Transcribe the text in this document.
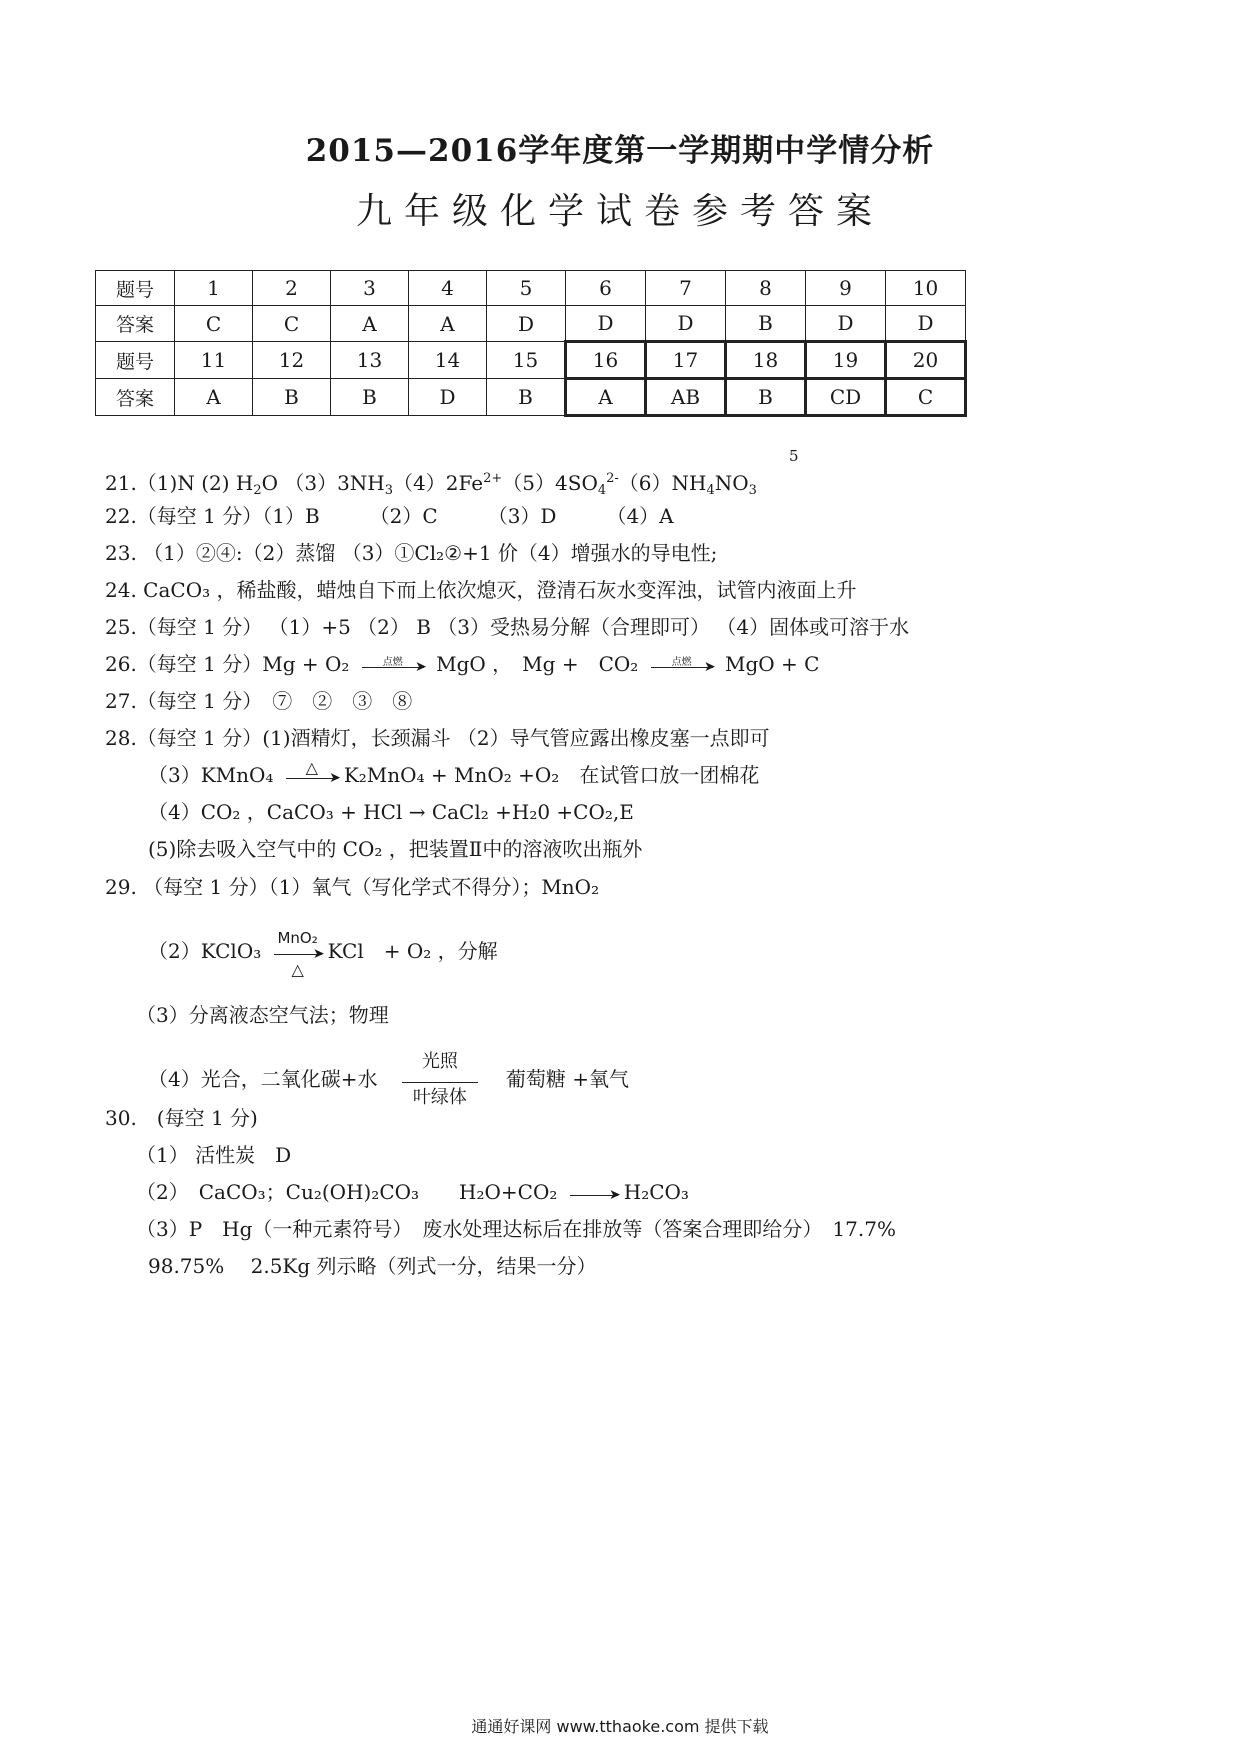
2015—2016学年度第一学期期中学情分析
九年级化学试卷参考答案
题号	1	2	3	4	5	6	7	8	9	10
答案	C	C	A	A	D	D	D	B	D	D
题号	11	12	13	14	15	16	17	18	19	20
答案	A	B	B	D	B	A	AB	B	CD	C
21.（1)N (2) $H_2O$ $(3)3NH_3(4)2Fe^{2+}(5)4SO_4^{2-}(6)NH_4NO_3$
5
22.（每空 1 分）（1）B　　　（2）C　　　（3）D　　　（4）A
23. （1）②④:（2）蒸馏 （3）①Cl₂②+1 价（4）增强水的导电性;
24. CaCO₃ ，稀盐酸，蜡烛自下而上依次熄灭，澄清石灰水变浑浊，试管内液面上升
25.（每空 1 分） （1）+5 （2） B （3）受热易分解（合理即可） （4）固体或可溶于水
26.（每空 1 分）Mg + O₂	点燃 ➤ MgO ，　Mg +　CO₂	点燃 ➤ MgO + C
27.（每空 1 分）　⑦　②　③　⑧
28.（每空 1 分）(1)酒精灯，长颈漏斗 （2）导气管应露出橡皮塞一点即可
（3）KMnO₄	△
➤ K₂MnO₄ + MnO₂ +O₂　在试管口放一团棉花
（4）CO₂ ，CaCO₃ + HCl → CaCl₂ +H₂0 +CO₂,E
(5)除去吸入空气中的 CO₂ ，把装置Ⅱ中的溶液吹出瓶外
29. （每空 1 分）（1）氧气（写化学式不得分）；MnO₂
（2）KClO₃
MnO₂
➤
△
KCl　+ O₂ ，分解
（3）分离液态空气法；物理
（4）光合，二氧化碳+水
光照
叶绿体
葡萄糖 +氧气
30.　(每空 1 分)
（1） 活性炭　D
（2）　CaCO₃；Cu₂(OH)₂CO₃　　H₂O+CO₂	➤ H₂CO₃
（3）P　Hg（一种元素符号）　废水处理达标后在排放等（答案合理即给分）　17.7%
98.75%　 2.5Kg 列示略（列式一分，结果一分）
通通好课网 www.tthaoke.com 提供下载
